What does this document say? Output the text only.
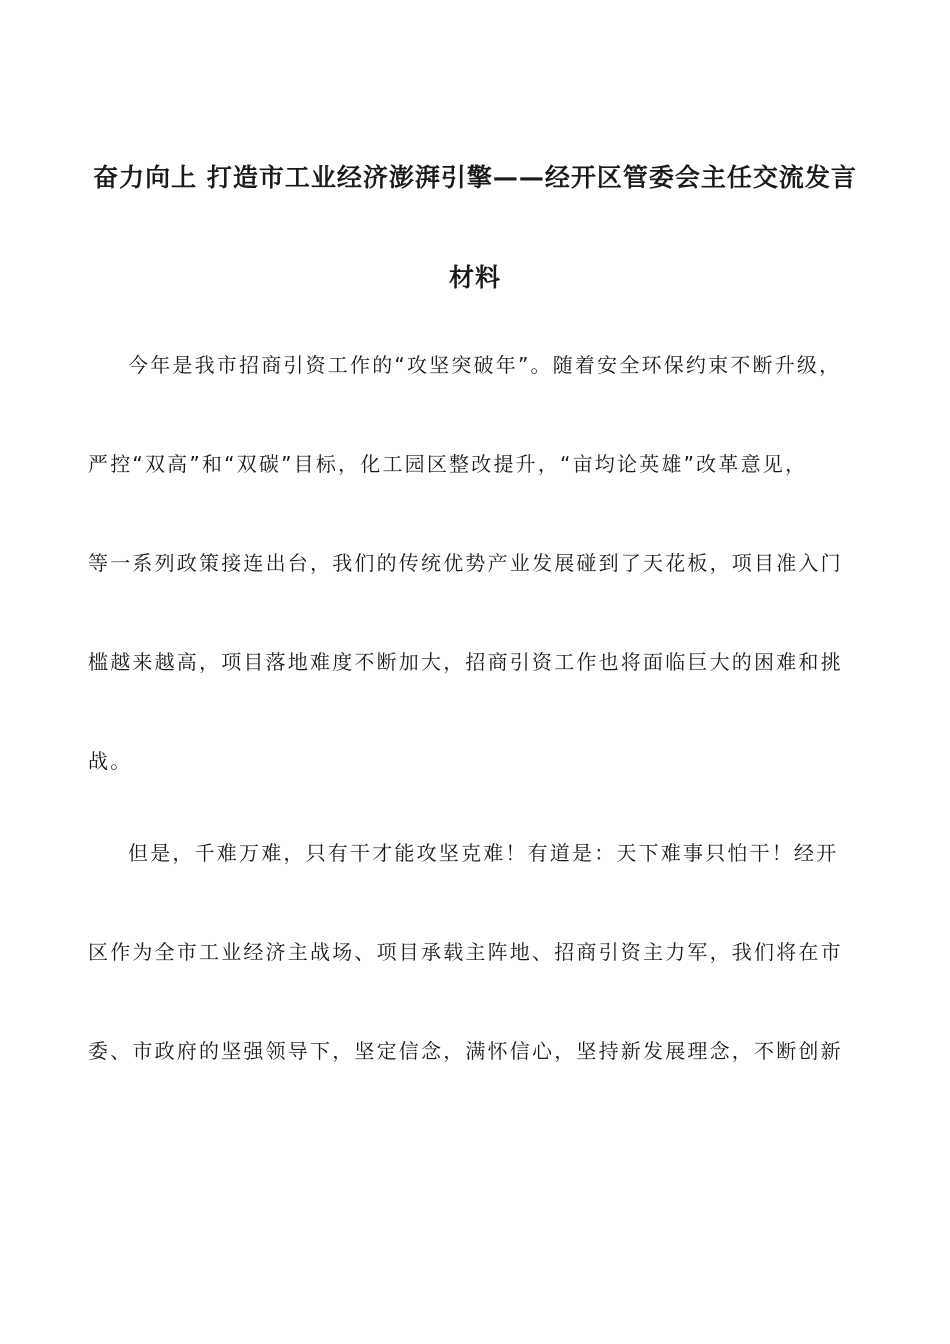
奋力向上 打造市工业经济澎湃引擎——经开区管委会主任交流发言
材料
今年是我市招商引资工作的“攻坚突破年”。随着安全环保约束不断升级，
严控“双高”和“双碳”目标，化工园区整改提升，“亩均论英雄”改革意见，
等一系列政策接连出台，我们的传统优势产业发展碰到了天花板，项目准入门
槛越来越高，项目落地难度不断加大，招商引资工作也将面临巨大的困难和挑
战。
但是，千难万难，只有干才能攻坚克难！有道是：天下难事只怕干！经开
区作为全市工业经济主战场、项目承载主阵地、招商引资主力军，我们将在市
委、市政府的坚强领导下，坚定信念，满怀信心，坚持新发展理念，不断创新
